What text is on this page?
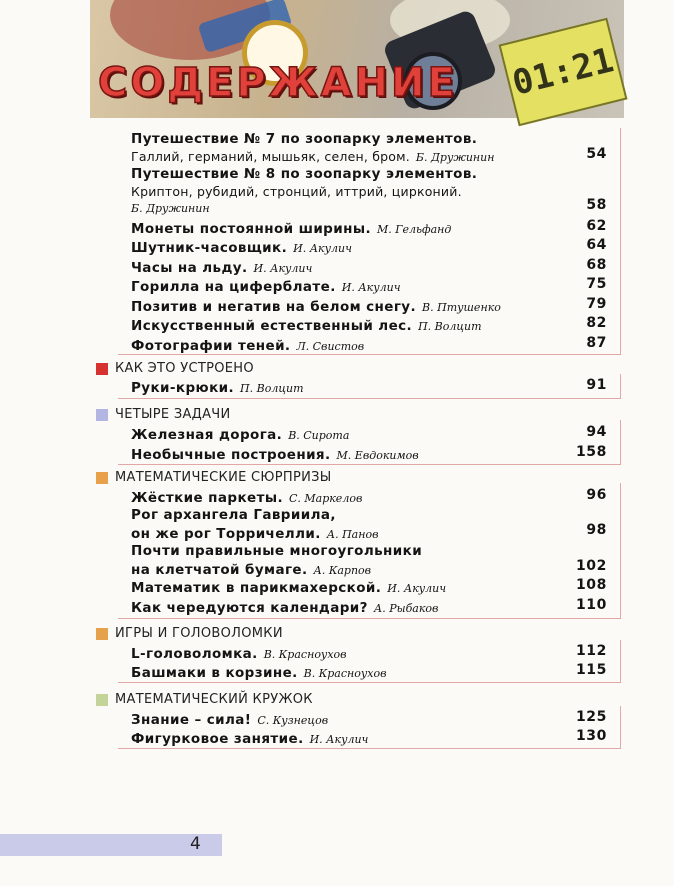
01:21
СОДЕРЖАНИЕ
Путешествие № 7 по зоопарку элементов.
Галлий, германий, мышьяк, селен, бром. Б. Дружинин	54
Путешествие № 8 по зоопарку элементов.
Криптон, рубидий, стронций, иттрий, цирконий.
Б. Дружинин	58
Монеты постоянной ширины. М. Гельфанд	62
Шутник-часовщик. И. Акулич	64
Часы на льду. И. Акулич	68
Горилла на циферблате. И. Акулич	75
Позитив и негатив на белом снегу. В. Птушенко	79
Искусственный естественный лес. П. Волцит	82
Фотографии теней. Л. Свистов	87
КАК ЭТО УСТРОЕНО
Руки-крюки. П. Волцит	91
ЧЕТЫРЕ ЗАДАЧИ
Железная дорога. В. Сирота	94
Необычные построения. М. Евдокимов	158
МАТЕМАТИЧЕСКИЕ СЮРПРИЗЫ
Жёсткие паркеты. С. Маркелов	96
Рог архангела Гавриила,
он же рог Торричелли. А. Панов	98
Почти правильные многоугольники
на клетчатой бумаге. А. Карпов	102
Математик в парикмахерской. И. Акулич	108
Как чередуются календари? А. Рыбаков	110
ИГРЫ И ГОЛОВОЛОМКИ
L-головоломка. В. Красноухов	112
Башмаки в корзине. В. Красноухов	115
МАТЕМАТИЧЕСКИЙ КРУЖОК
Знание – сила! С. Кузнецов	125
Фигурковое занятие. И. Акулич	130
4
